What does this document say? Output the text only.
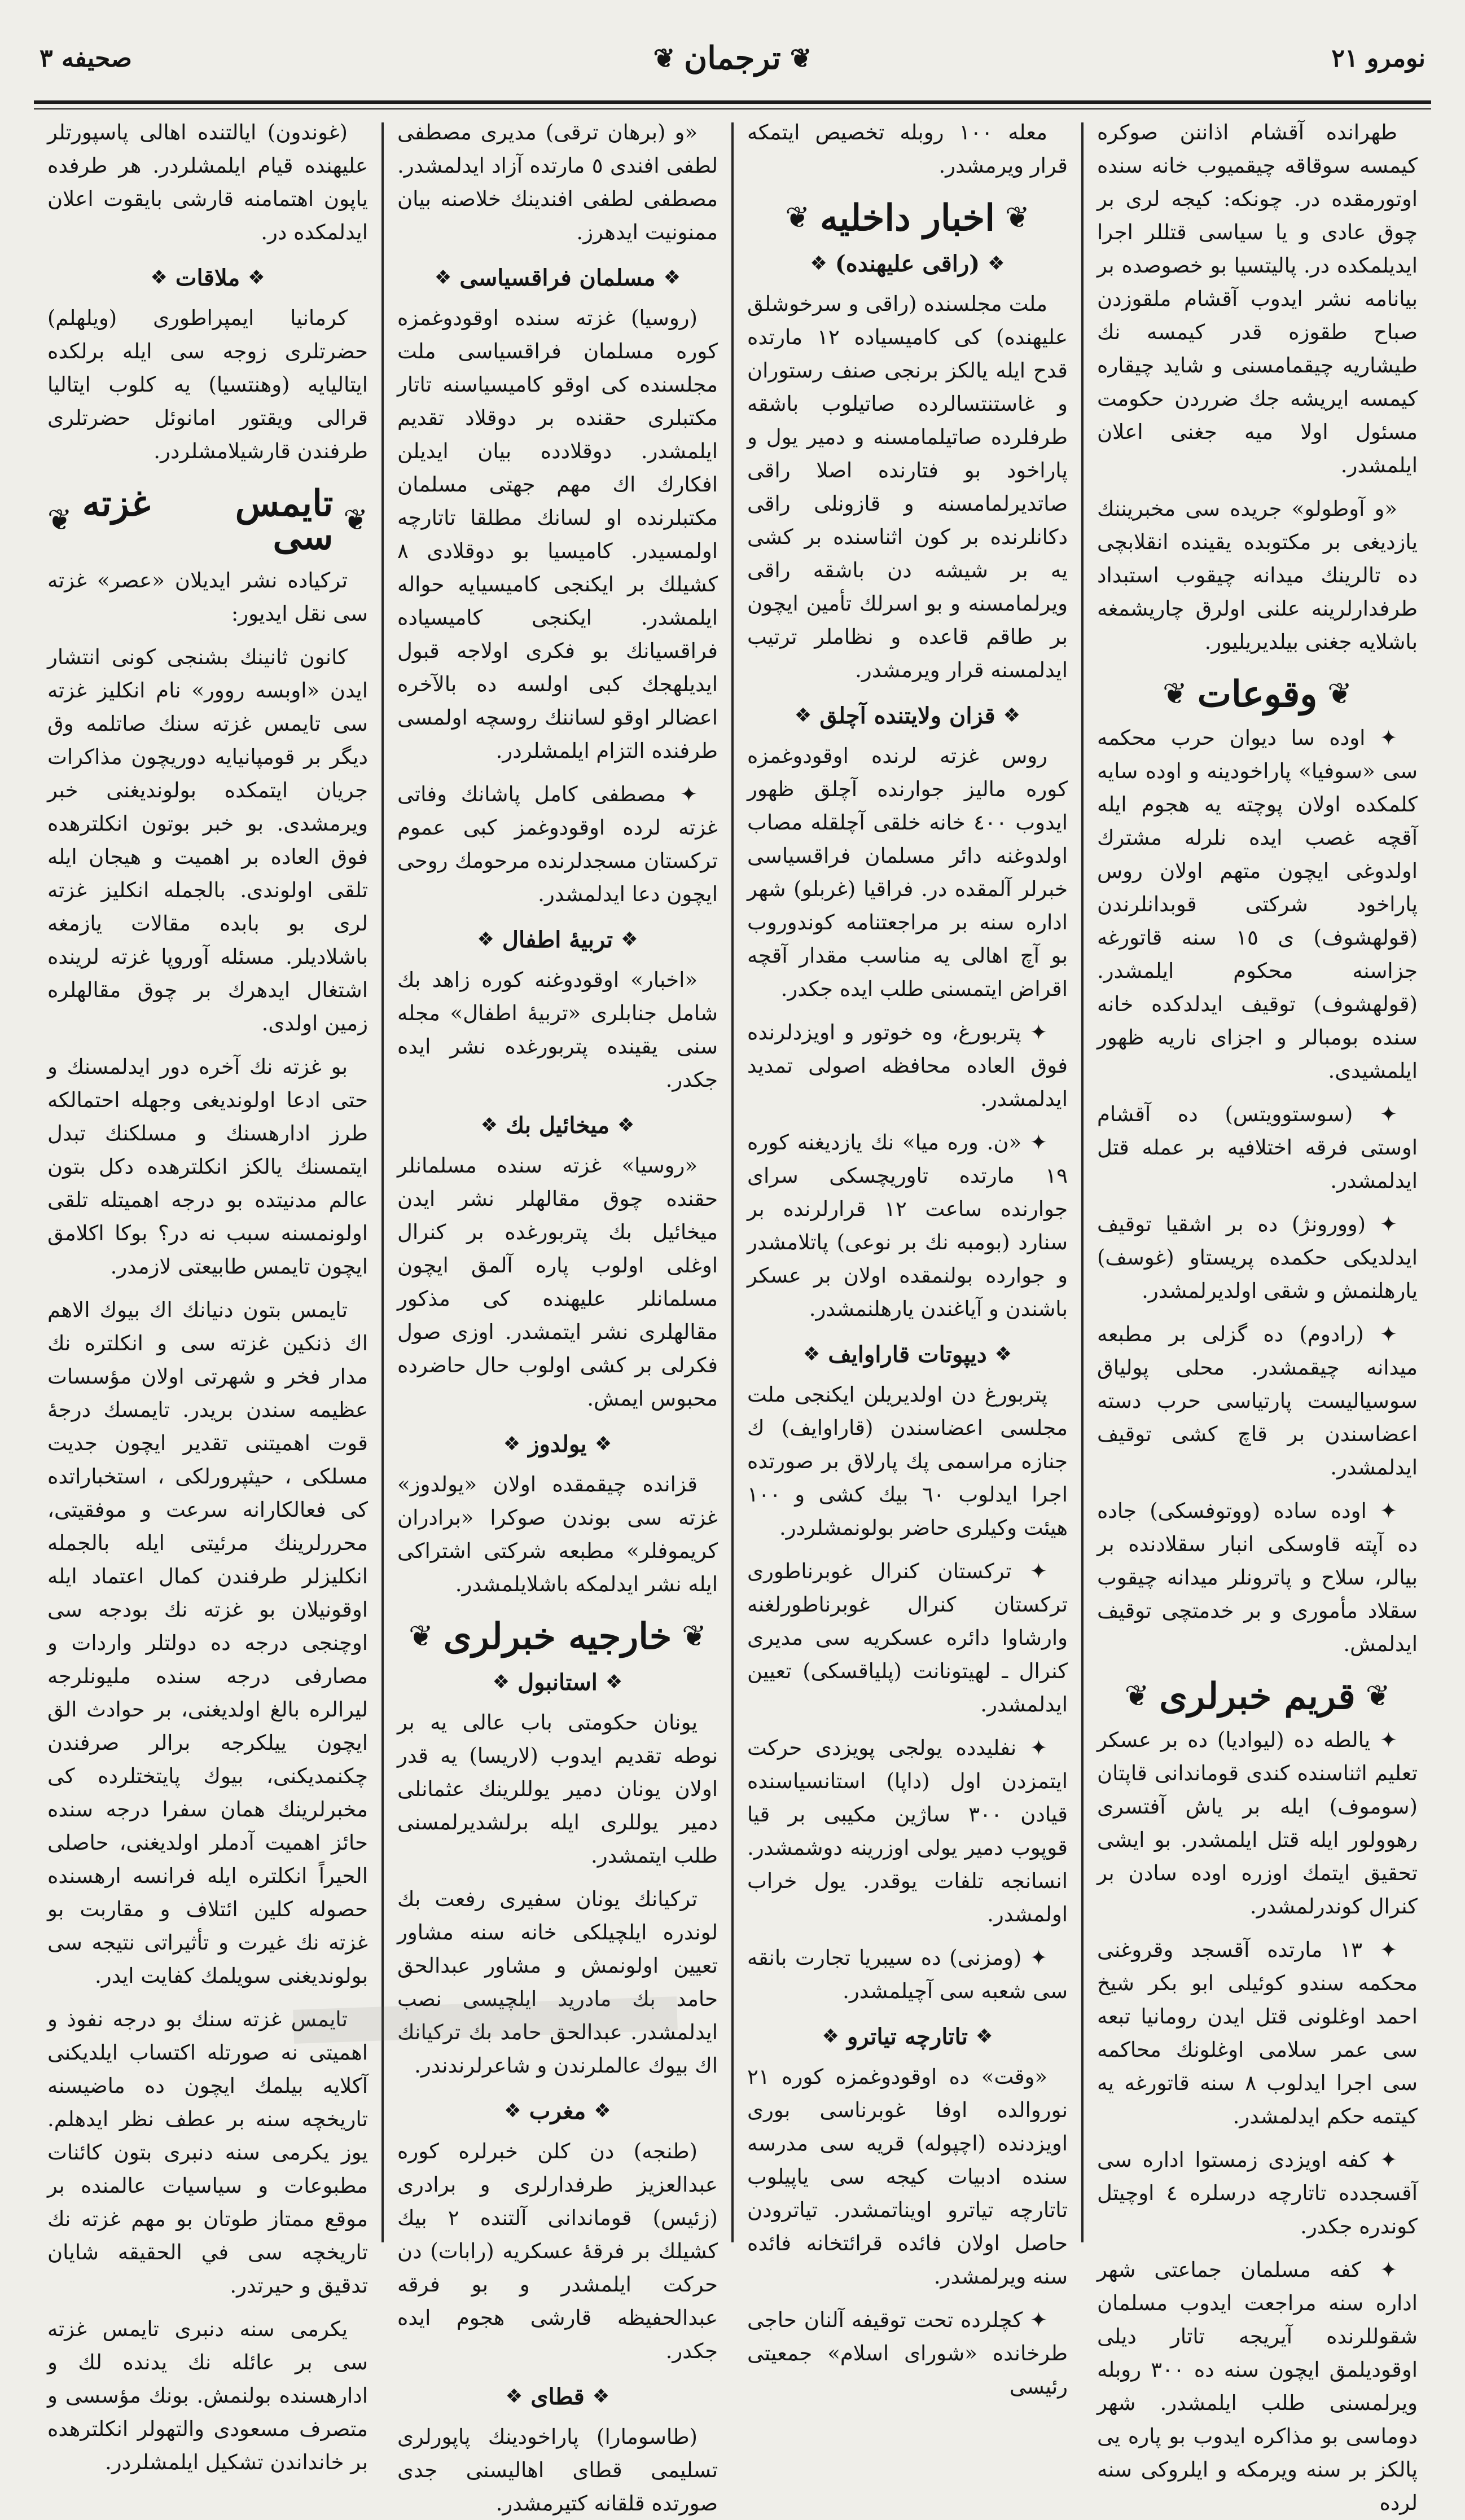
نومرو ٢١
❦
ترجمان
❦
صحيفه ٣

طهرانده آقشام اذاننن صوكره كيمسه سوقاقه چيقميوب خانه سنده اوتورمقده در. چونكه: كيجه لرى بر چوق عادى و يا سياسى قتللر اجرا ايديلمكده در. پاليتسيا بو خصوصده بر بيانامه نشر ايدوب آقشام ملقوزدن صباح طقوزه قدر كيمسه نك طيشاريه چيقمامسنى و شايد چيقاره كيمسه ايريشه جك ضرردن حكومت مسئول اولا ميه جغنى اعلان ايلمشدر.

«و آوطولو» جريده سى مخبريننك يازديغى بر مكتوبده يقينده انقلابچى ده تالرينك ميدانه چيقوب استبداد طرفدارلرينه علنى اولرق چاريشمغه باشلايه جغنى بيلديريليور.

❦
وقوعات
❦

✦ اوده سا ديوان حرب محكمه سى «سوفيا» پاراخودينه و اوده سايه كلمكده اولان پوچته يه هجوم ايله آقچه غصب ايده نلرله مشترك اولدوغى ايچون متهم اولان روس پاراخود شركتى قوبدانلرندن (قولهشوف) ى ١٥ سنه قاتورغه جزاسنه محكوم ايلمشدر. (قولهشوف) توقيف ايدلدكده خانه سنده بومبالر و اجزاى ناريه ظهور ايلمشيدى.

✦ (سوستوويتس) ده آقشام اوستى فرقه اختلافيه بر عمله قتل ايدلمشدر.

✦ (وورونژ) ده بر اشقيا توقيف ايدلديكى حكمده پريستاو (غوسف) يارهلنمش و شقى اولديرلمشدر.

✦ (رادوم) ده گزلى بر مطبعه ميدانه چيقمشدر. محلى پولياق سوسياليست پارتياسى حرب دسته اعضاسندن بر قاچ كشى توقيف ايدلمشدر.

✦ اوده ساده (ووتوفسكى) جاده ده آپته قاوسكى انبار سقلادنده بر بيالر، سلاح و پاترونلر ميدانه چيقوب سقلاد مأمورى و بر خدمتچى توقيف ايدلمش.

❦
قريم خبرلرى
❦

✦ يالطه ده (ليواديا) ده بر عسكر تعليم اثناسنده كندى قوماندانى قاپتان (سوموف) ايله بر ياش آفتسرى رهوولور ايله قتل ايلمشدر. بو ايشى تحقيق ايتمك اوزره اوده سادن بر كنرال كوندرلمشدر.

✦ ١٣ مارتده آقسجد وقروغنى محكمه سندو كوئيلى ابو بكر شيخ احمد اوغلونى قتل ايدن رومانيا تبعه سى عمر سلامى اوغلونك محاكمه سى اجرا ايدلوب ٨ سنه قاتورغه يه كيتمه حكم ايدلمشدر.

✦ كفه اويزدى زمستوا اداره سى آقسجدده تاتارچه درسلره ٤ اوچيتل كوندره جكدر.

✦ كفه مسلمان جماعتى شهر اداره سنه مراجعت ايدوب مسلمان شقوللرنده آيريجه تاتار ديلى اوقوديلمق ايچون سنه ده ٣٠٠ روبله ويرلمسنى طلب ايلمشدر. شهر دوماسى بو مذاكره ايدوب بو پاره يى پالكز بر سنه ويرمكه و ايلروكى سنه لرده

معله ١٠٠ روبله تخصيص ايتمكه قرار ويرمشدر.

❦
اخبار داخليه
❦
❖
(راقى عليهنده)
❖

ملت مجلسنده (راقى و سرخوشلق عليهنده) كى كاميسياده ١٢ مارتده قدح ايله يالكز برنجى صنف رستوران و غاستنتسالرده صاتيلوب باشقه طرفلرده صاتيلمامسنه و دمير يول و پاراخود بو فتارنده اصلا راقى صاتديرلمامسنه و قازونلى راقى دكانلرنده بر كون اثناسنده بر كشى يه بر شيشه دن باشقه راقى ويرلمامسنه و بو اسرلك تأمين ايچون بر طاقم قاعده و نظاملر ترتيب ايدلمسنه قرار ويرمشدر.

❖
قزان ولايتنده آچلق
❖

روس غزته لرنده اوقودوغمزه كوره ماليز جوارنده آچلق ظهور ايدوب ٤٠٠ خانه خلقى آچلقله مصاب اولدوغنه دائر مسلمان فراقسياسى خبرلر آلمقده در. فراقيا (غربلو) شهر اداره سنه بر مراجعتنامه كوندوروب بو آچ اهالى يه مناسب مقدار آقچه اقراض ايتمسنى طلب ايده جكدر.

✦ پتربورغ، وه خوتور و اويزدلرنده فوق العاده محافظه اصولى تمديد ايدلمشدر.

✦ «ن. وره ميا» نك يازديغنه كوره ١٩ مارتده تاوريچسكى سراى جوارنده ساعت ١٢ قرارلرنده بر سنارد (بومبه نك بر نوعى) پاتلامشدر و جوارده بولنمقده اولان بر عسكر باشندن و آياغندن يارهلنمشدر.

❖
ديپوتات قاراوايف
❖

پتربورغ دن اولديريلن ايكنجى ملت مجلسى اعضاسندن (قاراوايف) ك جنازه مراسمى پك پارلاق بر صورتده اجرا ايدلوب ٦٠ بيك كشى و ١٠٠ هيئت وكيلرى حاضر بولونمشلردر.

✦ تركستان كنرال غوبرناطورى تركستان كنرال غوبرناطورلغنه وارشاوا دائره عسكريه سى مديرى كنرال ـ لهيتونانت (پلياقسكى) تعيين ايدلمشدر.

✦ نفليدده يولجى پويزدى حركت ايتمزدن اول (داپا) استانسياسنده قيادن ٣٠٠ ساژين مكيبى بر قيا قوپوب دمير يولى اوزرينه دوشمشدر. انسانجه تلفات يوقدر. يول خراب اولمشدر.

✦ (ومزنى) ده سيبريا تجارت بانقه سى شعبه سى آچيلمشدر.

❖
تاتارچه تياترو
❖

«وقت» ده اوقودوغمزه كوره ٢١ نوروالده اوفا غوبرناسى بورى اويزدنده (اچپوله) قريه سى مدرسه سنده ادبيات كيجه سى ياپيلوب تاتارچه تياترو اويناتمشدر. تياترودن حاصل اولان فائده قرائتخانه فائده سنه ويرلمشدر.

✦ كچلرده تحت توقيفه آلنان حاجى طرخانده «شوراى اسلام» جمعيتى رئيسى

«و (برهان ترقى) مديرى مصطفى لطفى افندى ٥ مارتده آزاد ايدلمشدر. مصطفى لطفى افندينك خلاصنه بيان ممنونيت ايدهرز.

❖
مسلمان فراقسياسى
❖

(روسيا) غزته سنده اوقودوغمزه كوره مسلمان فراقسياسى ملت مجلسنده كى اوقو كاميسياسنه تاتار مكتبلرى حقنده بر دوقلاد تقديم ايلمشدر. دوقلادده بيان ايديلن افكارك اك مهم جهتى مسلمان مكتبلرنده او لسانك مطلقا تاتارچه اولمسيدر. كاميسيا بو دوقلادى ٨ كشيلك بر ايكنجى كاميسيايه حواله ايلمشدر. ايكنجى كاميسياده فراقسيانك بو فكرى اولاجه قبول ايديلهجك كبى اولسه ده بالآخره اعضالر اوقو لساننك روسچه اولمسى طرفنده التزام ايلمشلردر.

✦ مصطفى كامل پاشانك وفاتى غزته لرده اوقودوغمز كبى عموم تركستان مسجدلرنده مرحومك روحى ايچون دعا ايدلمشدر.

❖
تربيهٔ اطفال
❖

«اخبار» اوقودوغنه كوره زاهد بك شامل جنابلرى «تربيهٔ اطفال» مجله سنى يقينده پتربورغده نشر ايده جكدر.

❖
ميخائيل بك
❖

«روسيا» غزته سنده مسلمانلر حقنده چوق مقالهلر نشر ايدن ميخائيل بك پتربورغده بر كنرال اوغلى اولوب پاره آلمق ايچون مسلمانلر عليهنده كى مذكور مقالهلرى نشر ايتمشدر. اوزى صول فكرلى بر كشى اولوب حال حاضرده محبوس ايمش.

❖
يولدوز
❖

قزانده چيقمقده اولان «يولدوز» غزته سى بوندن صوكرا «برادران كريموفلر» مطبعه شركتى اشتراكى ايله نشر ايدلمكه باشلايلمشدر.

❦
خارجيه خبرلرى
❦
❖
استانبول
❖

يونان حكومتى باب عالى يه بر نوطه تقديم ايدوب (لاريسا) يه قدر اولان يونان دمير يوللرينك عثمانلى دمير يوللرى ايله برلشديرلمسنى طلب ايتمشدر.

تركيانك يونان سفيرى رفعت بك لوندره ايلچيلكى خانه سنه مشاور تعيين اولونمش و مشاور عبدالحق حامد بك مادريد ايلچيسى نصب ايدلمشدر. عبدالحق حامد بك تركيانك اك بيوك عالملرندن و شاعرلرندندر.

❖
مغرب
❖

(طنجه) دن كلن خبرلره كوره عبدالعزيز طرفدارلرى و برادرى (زئيس) قوماندانى آلتنده ٢ بيك كشيلك بر فرقهٔ عسكريه (رابات) دن حركت ايلمشدر و بو فرقه عبدالحفيظه قارشى هجوم ايده جكدر.

❖
قطاى
❖

(طاسومارا) پاراخودينك پاپورلرى تسليمى قطاى اهاليسنى جدى صورتده قلقانه كتيرمشدر.

(غوندون) ايالتنده اهالى پاسپورتلر عليهنده قيام ايلمشلردر. هر طرفده ياپون اهتمامنه قارشى بايقوت اعلان ايدلمكده در.

❖
ملاقات
❖

كرمانيا ايمپراطورى (ويلهلم) حضرتلرى زوجه سى ايله برلكده ايتاليايه (وهنتسيا) يه كلوب ايتاليا قرالى ويقتور امانوئل حضرتلرى طرفندن قارشيلامشلردر.

❦
تايمس غزته سى
❦

تركياده نشر ايديلان «عصر» غزته سى نقل ايديور:

كانون ثانينك بشنجى كونى انتشار ايدن «اوبسه روور» نام انكليز غزته سى تايمس غزته سنك صاتلمه وق ديگر بر قومپانيايه دوريچون مذاكرات جريان ايتمكده بولونديغنى خبر ويرمشدى. بو خبر بوتون انكلترهده فوق العاده بر اهميت و هيجان ايله تلقى اولوندى. بالجمله انكليز غزته لرى بو بابده مقالات يازمغه باشلاديلر. مسئله آوروپا غزته لرينده اشتغال ايدهرك بر چوق مقالهلره زمين اولدى.

بو غزته نك آخره دور ايدلمسنك و حتى ادعا اولونديغى وجهله احتمالكه طرز ادارهسنك و مسلكنك تبدل ايتمسنك يالكز انكلترهده دكل بتون عالم مدنيتده بو درجه اهميتله تلقى اولونمسنه سبب نه در؟ بوكا اكلامق ايچون تايمس طابيعتى لازمدر.

تايمس بتون دنيانك اك بيوك الاهم اك ذنكين غزته سى و انكلتره نك مدار فخر و شهرتى اولان مؤسسات عظيمه سندن بريدر. تايمسك درجهٔ قوت اهميتنى تقدير ايچون جديت مسلكى ، حيثپرورلكى ، استخباراتده كى فعالكارانه سرعت و موفقيتى، محررلرينك مرئيتى ايله بالجمله انكليزلر طرفندن كمال اعتماد ايله اوقونيلان بو غزته نك بودجه سى اوچنجى درجه ده دولتلر واردات و مصارفى درجه سنده مليونلرجه ليرالره بالغ اولديغنى، بر حوادث الق ايچون ييلكرجه برالر صرفندن چكنمديكنى، بيوك پايتختلرده كى مخبرلرينك همان سفرا درجه سنده حائز اهميت آدملر اولديغنى، حاصلى الحيراً انكلتره ايله فرانسه ارهسنده حصوله كلين ائتلاف و مقاربت بو غزته نك غيرت و تأثيراتى نتيجه سى بولونديغنى سويلمك كفايت ايدر.

تايمس غزته سنك بو درجه نفوذ و اهميتى نه صورتله اكتساب ايلديكنى آكلايه بيلمك ايچون ده ماضيسنه تاريخچه سنه بر عطف نظر ايدهلم. يوز يكرمى سنه دنبرى بتون كائنات مطبوعات و سياسيات عالمنده بر موقع ممتاز طوتان بو مهم غزته نك تاريخچه سى في الحقيقه شايان تدقيق و حيرتدر.

يكرمى سنه دنبرى تايمس غزته سى بر عائله نك يدنده لك و ادارهسنده بولنمش. بونك مؤسسى و متصرف مسعودى والتهولر انكلترهده بر خانداندن تشكيل ايلمشلردر.
